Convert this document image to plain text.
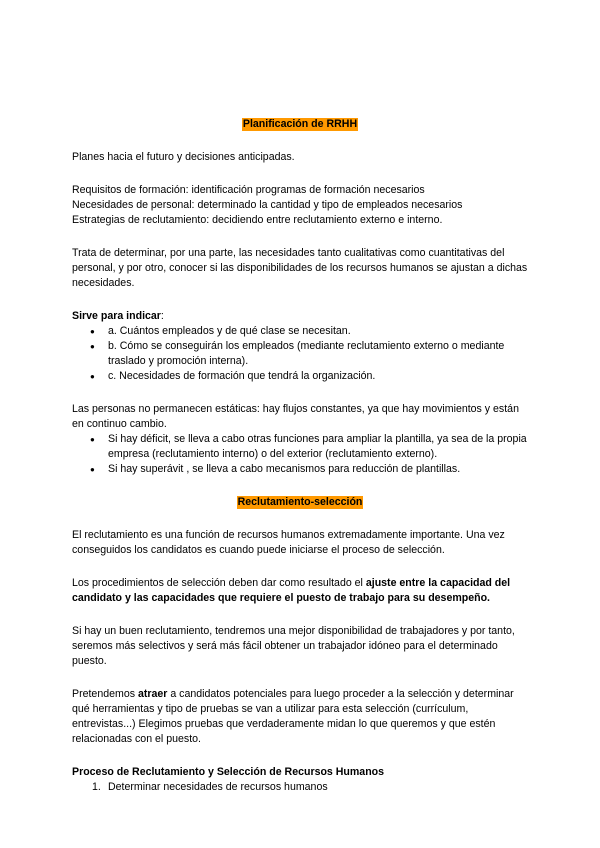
Planificación de RRHH

Planes hacia el futuro y decisiones anticipadas.

Requisitos de formación: identificación programas de formación necesarios

Necesidades de personal: determinado la cantidad y tipo de empleados necesarios

Estrategias de reclutamiento: decidiendo entre reclutamiento externo e interno.

Trata de determinar, por una parte, las necesidades tanto cualitativas como cuantitativas del personal, y por otro, conocer si las disponibilidades de los recursos humanos se ajustan a dichas necesidades.

Sirve para indicar:

● a. Cuántos empleados y de qué clase se necesitan.
● b. Cómo se conseguirán los empleados (mediante reclutamiento externo o mediante traslado y promoción interna).
● c. Necesidades de formación que tendrá la organización.

Las personas no permanecen estáticas: hay flujos constantes, ya que hay movimientos y están en continuo cambio.

● Si hay déficit, se lleva a cabo otras funciones para ampliar la plantilla, ya sea de la propia empresa (reclutamiento interno) o del exterior (reclutamiento externo).
● Si hay superávit , se lleva a cabo mecanismos para reducción de plantillas.

Reclutamiento-selección

El reclutamiento es una función de recursos humanos extremadamente importante. Una vez conseguidos los candidatos es cuando puede iniciarse el proceso de selección.

Los procedimientos de selección deben dar como resultado el ajuste entre la capacidad del candidato y las capacidades que requiere el puesto de trabajo para su desempeño.

Si hay un buen reclutamiento, tendremos una mejor disponibilidad de trabajadores y por tanto, seremos más selectivos y será más fácil obtener un trabajador idóneo para el determinado puesto.

Pretendemos atraer a candidatos potenciales para luego proceder a la selección y determinar qué herramientas y tipo de pruebas se van a utilizar para esta selección (currículum, entrevistas...) Elegimos pruebas que verdaderamente midan lo que queremos y que estén relacionadas con el puesto.

Proceso de Reclutamiento y Selección de Recursos Humanos

1. Determinar necesidades de recursos humanos
